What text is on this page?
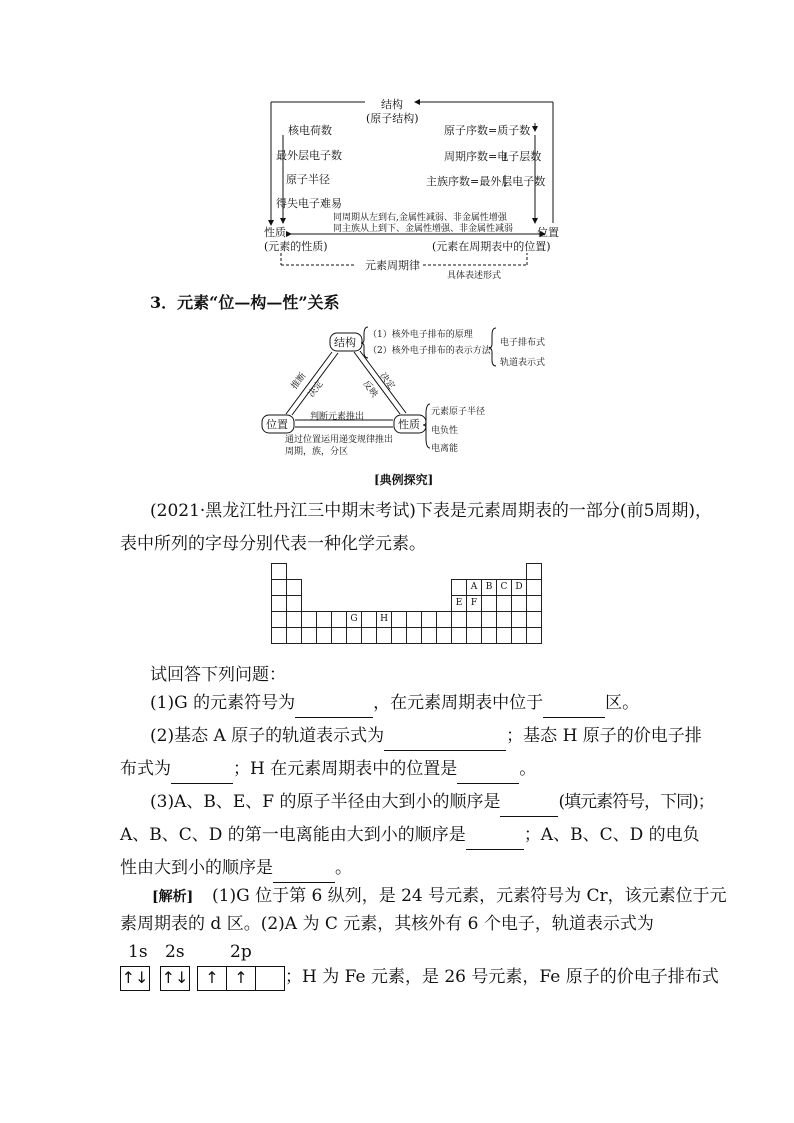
结构
(原子结构)
核电荷数
最外层电子数
原子半径
得失电子难易
原子序数=质子数
周期序数=电子层数
主族序数=最外层电子数
同周期从左到右,金属性减弱、非金属性增强
同主族从上到下、金属性增强、非金属性减弱
性质
(元素的性质)
位置
(元素在周期表中的位置)
元素周期律
具体表述形式
3．元素“位—构—性”关系
结构
位置	性质
（1）核外电子排布的原理
（2）核外电子排布的表示方法
电子排布式
轨道表示式
推断
决定	反映
决定
判断元素推出	元素原子半径
电负性
电离能
通过位置运用递变规律推出
周期，族，分区
[典例探究]
(2021·黑龙江牡丹江三中期末考试)下表是元素周期表的一部分(前5周期)，
表中所列的字母分别代表一种化学元素。

													A	B	C	D	
												E	F				
					G		H										

试回答下列问题：
(1)G 的元素符号为	，在元素周期表中位于	区。
(2)基态 A 原子的轨道表示式为	；基态 H 原子的价电子排
布式为	；H 在元素周期表中的位置是	。
(3)A、B、E、F 的原子半径由大到小的顺序是	(填元素符号，下同)；
A、B、C、D 的第一电离能由大到小的顺序是	；A、B、C、D 的电负
性由大到小的顺序是	。
[解析] (1)G 位于第 6 纵列，是 24 号元素，元素符号为 Cr，该元素位于元
素周期表的 d 区。(2)A 为 C 元素，其核外有 6 个电子，轨道表示式为
1s 2s	2p
↑↓ ↑↓	↑ ↑	；H 为 Fe 元素，是 26 号元素，Fe 原子的价电子排布式
